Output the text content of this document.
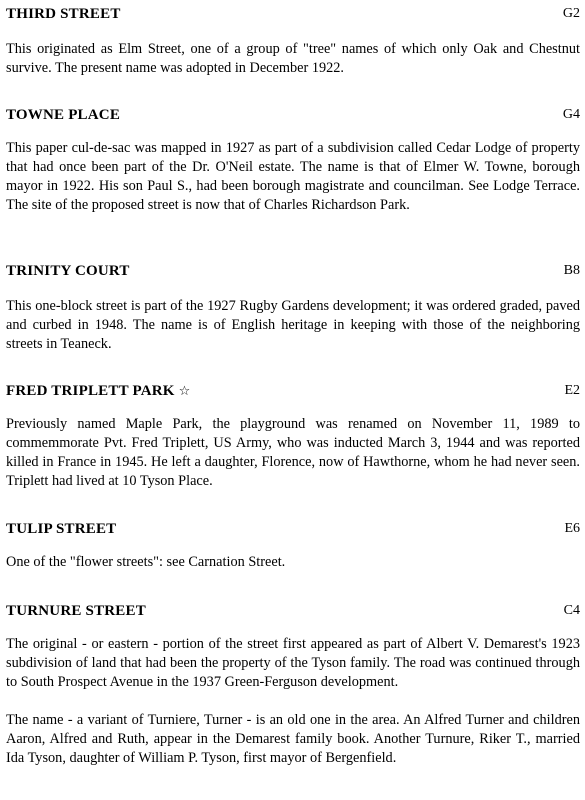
THIRD STREET	G2

This originated as Elm Street, one of a group of "tree" names of which only Oak and Chestnut survive. The present name was adopted in December 1922.

TOWNE PLACE	G4

This paper cul-de-sac was mapped in 1927 as part of a subdivision called Cedar Lodge of property that had once been part of the Dr. O'Neil estate. The name is that of Elmer W. Towne, borough mayor in 1922. His son Paul S., had been borough magistrate and councilman. See Lodge Terrace. The site of the proposed street is now that of Charles Richardson Park.

TRINITY COURT	B8

This one-block street is part of the 1927 Rugby Gardens development; it was ordered graded, paved and curbed in 1948. The name is of English heritage in keeping with those of the neighboring streets in Teaneck.

FRED TRIPLETT PARK ☆	E2

Previously named Maple Park, the playground was renamed on November 11, 1989 to commemmorate Pvt. Fred Triplett, US Army, who was inducted March 3, 1944 and was reported killed in France in 1945. He left a daughter, Florence, now of Hawthorne, whom he had never seen. Triplett had lived at 10 Tyson Place.

TULIP STREET	E6

One of the "flower streets": see Carnation Street.

TURNURE STREET	C4

The original - or eastern - portion of the street first appeared as part of Albert V. Demarest's 1923 subdivision of land that had been the property of the Tyson family. The road was continued through to South Prospect Avenue in the 1937 Green-Ferguson development.

The name - a variant of Turniere, Turner - is an old one in the area. An Alfred Turner and children Aaron, Alfred and Ruth, appear in the Demarest family book. Another Turnure, Riker T., married Ida Tyson, daughter of William P. Tyson, first mayor of Bergenfield.
